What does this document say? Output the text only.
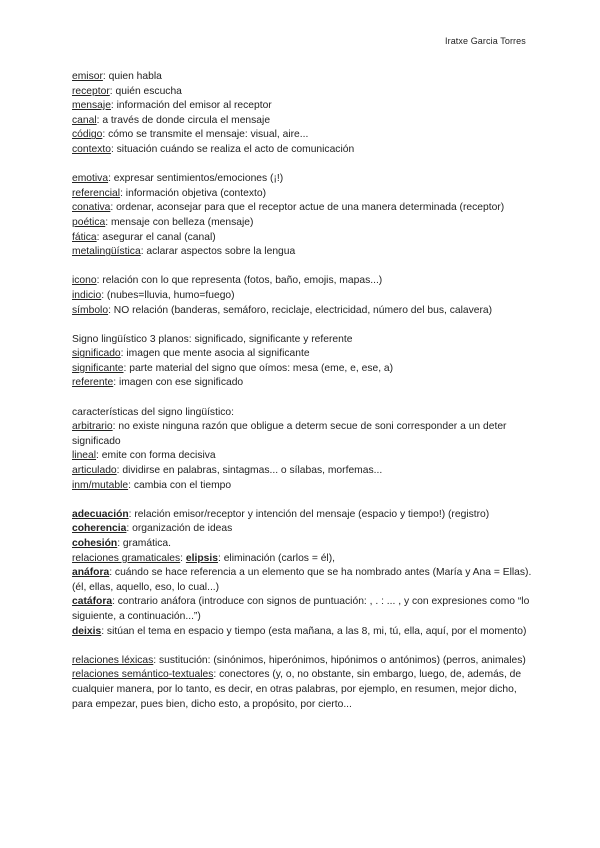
Iratxe Garcia Torres
emisor: quien habla
receptor: quién escucha
mensaje: información del emisor al receptor
canal: a través de donde circula el mensaje
código: cómo se transmite el mensaje: visual, aire...
contexto: situación cuándo se realiza el acto de comunicación
emotiva: expresar sentimientos/emociones (¡!)
referencial: información objetiva (contexto)
conativa: ordenar, aconsejar para que el receptor actue de una manera determinada (receptor)
poética: mensaje con belleza (mensaje)
fática: asegurar el canal (canal)
metalingüística: aclarar aspectos sobre la lengua
icono: relación con lo que representa (fotos, baño, emojis, mapas...)
indicio: (nubes=lluvia, humo=fuego)
símbolo: NO relación (banderas, semáforo, reciclaje, electricidad, número del bus, calavera)
Signo lingüístico 3 planos: significado, significante y referente
significado: imagen que mente asocia al significante
significante: parte material del signo que oímos: mesa (eme, e, ese, a)
referente: imagen con ese significado
características del signo lingüístico:
arbitrario: no existe ninguna razón que obligue a determ secue de soni corresponder a un deter significado
lineal: emite con forma decisiva
articulado: dividirse en palabras, sintagmas... o sílabas, morfemas...
inm/mutable: cambia con el tiempo
adecuación: relación emisor/receptor y intención del mensaje (espacio y tiempo!) (registro)
coherencia: organización de ideas
cohesión: gramática.
relaciones gramaticales: elipsis: eliminación (carlos = él),
anáfora: cuándo se hace referencia a un elemento que se ha nombrado antes (María y Ana = Ellas). (él, ellas, aquello, eso, lo cual...)
catáfora: contrario anáfora (introduce con signos de puntuación: , . : ... , y con expresiones como “lo siguiente, a continuación...”)
deixis: sitúan el tema en espacio y tiempo (esta mañana, a las 8, mi, tú, ella, aquí, por el momento)
relaciones léxicas: sustitución: (sinónimos, hiperónimos, hipónimos o antónimos) (perros, animales)
relaciones semántico-textuales: conectores (y, o, no obstante, sin embargo, luego, de, además, de cualquier manera, por lo tanto, es decir, en otras palabras, por ejemplo, en resumen, mejor dicho, para empezar, pues bien, dicho esto, a propósito, por cierto...
